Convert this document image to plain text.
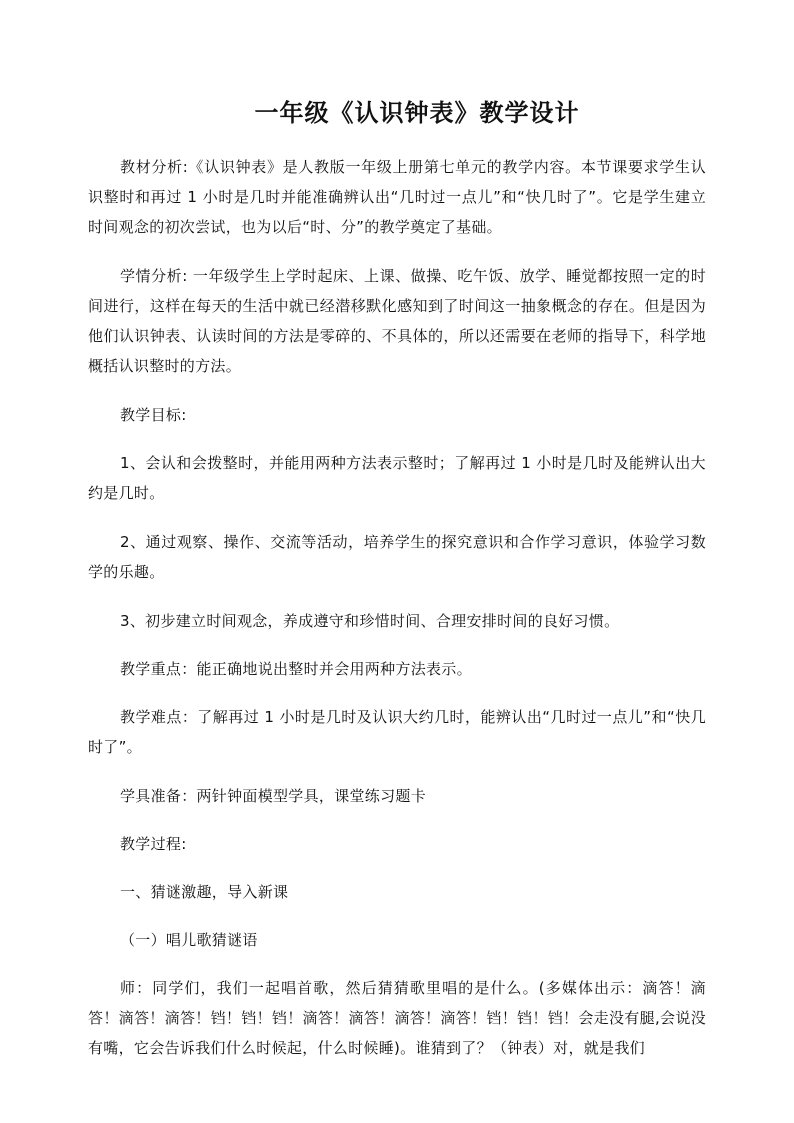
一年级《认识钟表》教学设计

教材分析:《认识钟表》是人教版一年级上册第七单元的教学内容。本节课要求学生认识整时和再过 1 小时是几时并能准确辨认出“几时过一点儿”和“快几时了”。它是学生建立时间观念的初次尝试，也为以后“时、分”的教学奠定了基础。

学情分析: 一年级学生上学时起床、上课、做操、吃午饭、放学、睡觉都按照一定的时间进行，这样在每天的生活中就已经潜移默化感知到了时间这一抽象概念的存在。但是因为他们认识钟表、认读时间的方法是零碎的、不具体的，所以还需要在老师的指导下，科学地概括认识整时的方法。

教学目标:

1、会认和会拨整时，并能用两种方法表示整时；了解再过 1 小时是几时及能辨认出大约是几时。

2、通过观察、操作、交流等活动，培养学生的探究意识和合作学习意识，体验学习数学的乐趣。

3、初步建立时间观念，养成遵守和珍惜时间、合理安排时间的良好习惯。

教学重点：能正确地说出整时并会用两种方法表示。

教学难点：了解再过 1 小时是几时及认识大约几时，能辨认出“几时过一点儿”和“快几时了”。

学具准备：两针钟面模型学具，课堂练习题卡

教学过程:

一、猜谜激趣，导入新课

（一）唱儿歌猜谜语

师：同学们，我们一起唱首歌，然后猜猜歌里唱的是什么。(多媒体出示：滴答！滴答！滴答！滴答！铛！铛！铛！滴答！滴答！滴答！滴答！铛！铛！铛！会走没有腿,会说没有嘴，它会告诉我们什么时候起，什么时候睡)。谁猜到了？（钟表）对，就是我们
